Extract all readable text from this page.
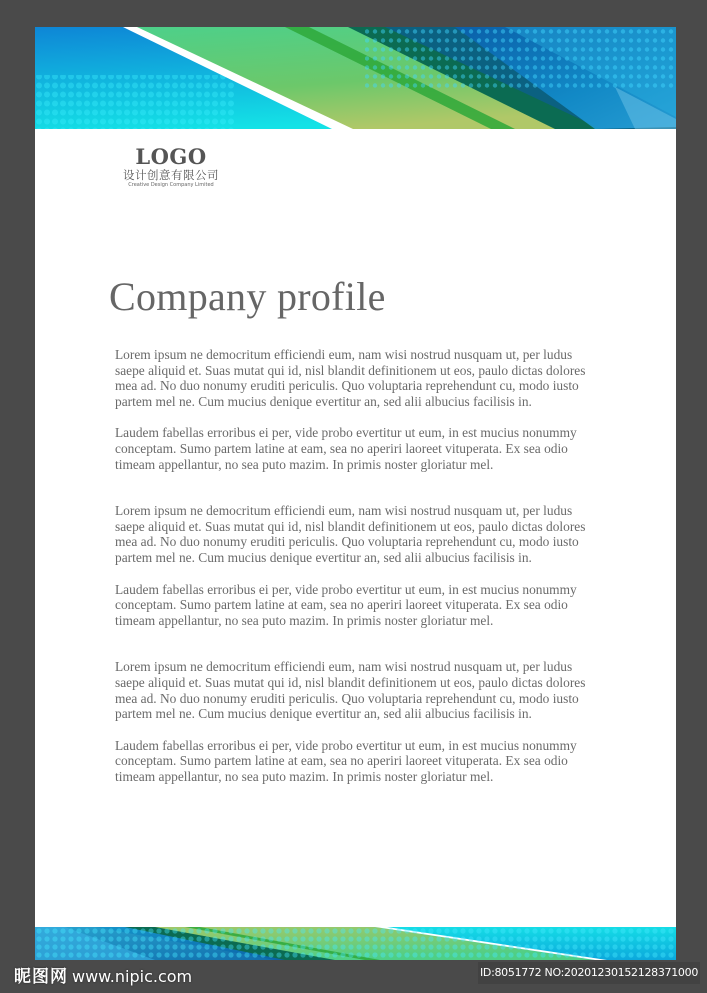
LOGO
设计创意有限公司
Creative Design Company Limited
Company profile

Lorem ipsum ne democritum efficiendi eum, nam wisi nostrud nusquam ut, per ludus saepe aliquid et. Suas mutat qui id, nisl blandit definitionem ut eos, paulo dictas dolores mea ad. No duo nonumy eruditi periculis. Quo voluptaria reprehendunt cu, modo iusto partem mel ne. Cum mucius denique evertitur an, sed alii albucius facilisis in.

Laudem fabellas erroribus ei per, vide probo evertitur ut eum, in est mucius nonummy conceptam. Sumo partem latine at eam, sea no aperiri laoreet vituperata. Ex sea odio timeam appellantur, no sea puto mazim. In primis noster gloriatur mel.

Lorem ipsum ne democritum efficiendi eum, nam wisi nostrud nusquam ut, per ludus saepe aliquid et. Suas mutat qui id, nisl blandit definitionem ut eos, paulo dictas dolores mea ad. No duo nonumy eruditi periculis. Quo voluptaria reprehendunt cu, modo iusto partem mel ne. Cum mucius denique evertitur an, sed alii albucius facilisis in.

Laudem fabellas erroribus ei per, vide probo evertitur ut eum, in est mucius nonummy conceptam. Sumo partem latine at eam, sea no aperiri laoreet vituperata. Ex sea odio timeam appellantur, no sea puto mazim. In primis noster gloriatur mel.

Lorem ipsum ne democritum efficiendi eum, nam wisi nostrud nusquam ut, per ludus saepe aliquid et. Suas mutat qui id, nisl blandit definitionem ut eos, paulo dictas dolores mea ad. No duo nonumy eruditi periculis. Quo voluptaria reprehendunt cu, modo iusto partem mel ne. Cum mucius denique evertitur an, sed alii albucius facilisis in.

Laudem fabellas erroribus ei per, vide probo evertitur ut eum, in est mucius nonummy conceptam. Sumo partem latine at eam, sea no aperiri laoreet vituperata. Ex sea odio timeam appellantur, no sea puto mazim. In primis noster gloriatur mel.

昵图网 www.nipic.com	ID:8051772 NO:20201230152128371000
